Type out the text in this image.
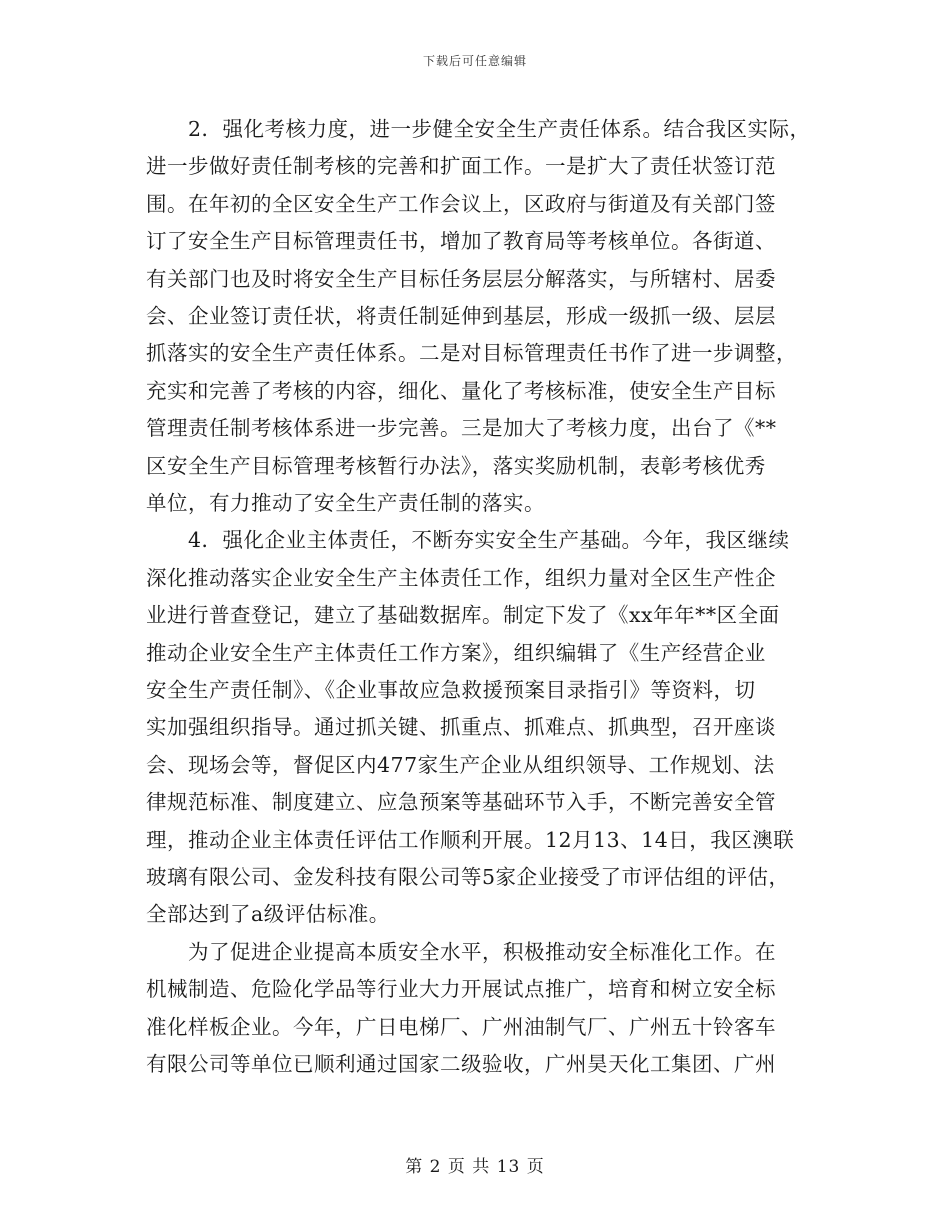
下载后可任意编辑
2．强化考核力度，进一步健全安全生产责任体系。结合我区实际，
进一步做好责任制考核的完善和扩面工作。一是扩大了责任状签订范
围。在年初的全区安全生产工作会议上，区政府与街道及有关部门签
订了安全生产目标管理责任书，增加了教育局等考核单位。各街道、
有关部门也及时将安全生产目标任务层层分解落实，与所辖村、居委
会、企业签订责任状，将责任制延伸到基层，形成一级抓一级、层层
抓落实的安全生产责任体系。二是对目标管理责任书作了进一步调整，
充实和完善了考核的内容，细化、量化了考核标准，使安全生产目标
管理责任制考核体系进一步完善。三是加大了考核力度，出台了《**
区安全生产目标管理考核暂行办法》，落实奖励机制，表彰考核优秀
单位，有力推动了安全生产责任制的落实。
4．强化企业主体责任，不断夯实安全生产基础。今年，我区继续
深化推动落实企业安全生产主体责任工作，组织力量对全区生产性企
业进行普查登记，建立了基础数据库。制定下发了《xx年年**区全面
推动企业安全生产主体责任工作方案》，组织编辑了《生产经营企业
安全生产责任制》、《企业事故应急救援预案目录指引》等资料，切
实加强组织指导。通过抓关键、抓重点、抓难点、抓典型，召开座谈
会、现场会等，督促区内477家生产企业从组织领导、工作规划、法
律规范标准、制度建立、应急预案等基础环节入手，不断完善安全管
理，推动企业主体责任评估工作顺利开展。12月13、14日，我区澳联
玻璃有限公司、金发科技有限公司等5家企业接受了市评估组的评估，
全部达到了a级评估标准。
为了促进企业提高本质安全水平，积极推动安全标准化工作。在
机械制造、危险化学品等行业大力开展试点推广，培育和树立安全标
准化样板企业。今年，广日电梯厂、广州油制气厂、广州五十铃客车
有限公司等单位已顺利通过国家二级验收，广州昊天化工集团、广州
第 2 页 共 13 页
